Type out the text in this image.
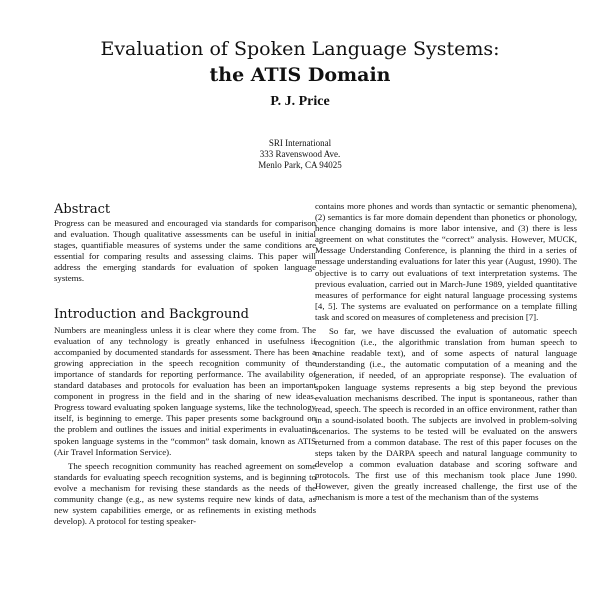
Evaluation of Spoken Language Systems:
the ATIS Domain
P. J. Price
SRI International
333 Ravenswood Ave.
Menlo Park, CA 94025
Abstract

Progress can be measured and encouraged via standards for comparison and evaluation. Though qualitative assessments can be useful in initial stages, quantifiable measures of systems under the same conditions are essential for comparing results and assessing claims. This paper will address the emerging standards for evaluation of spoken language systems.

Introduction and Background

Numbers are meaningless unless it is clear where they come from. The evaluation of any technology is greatly enhanced in usefulness if accompanied by documented standards for assessment. There has been a growing appreciation in the speech recognition community of the importance of standards for reporting performance. The availability of standard databases and protocols for evaluation has been an important component in progress in the field and in the sharing of new ideas. Progress toward evaluating spoken language systems, like the technology itself, is beginning to emerge. This paper presents some background on the problem and outlines the issues and initial experiments in evaluating spoken language systems in the “common” task domain, known as ATIS (Air Travel Information Service).

The speech recognition community has reached agreement on some standards for evaluating speech recognition systems, and is beginning to evolve a mechanism for revising these standards as the needs of the community change (e.g., as new systems require new kinds of data, as new system capabilities emerge, or as refinements in existing methods develop). A protocol for testing speaker-

contains more phones and words than syntactic or semantic phenomena), (2) semantics is far more domain dependent than phonetics or phonology, hence changing domains is more labor intensive, and (3) there is less agreement on what constitutes the “correct” analysis. However, MUCK, Message Understanding Conference, is planning the third in a series of message understanding evaluations for later this year (August, 1990). The objective is to carry out evaluations of text interpretation systems. The previous evaluation, carried out in March-June 1989, yielded quantitative measures of performance for eight natural language processing systems [4, 5]. The systems are evaluated on performance on a template filling task and scored on measures of completeness and precision [7].

So far, we have discussed the evaluation of automatic speech recognition (i.e., the algorithmic translation from human speech to machine readable text), and of some aspects of natural language understanding (i.e., the automatic computation of a meaning and the generation, if needed, of an appropriate response). The evaluation of spoken language systems represents a big step beyond the previous evaluation mechanisms described. The input is spontaneous, rather than read, speech. The speech is recorded in an office environment, rather than in a sound-isolated booth. The subjects are involved in problem-solving scenarios. The systems to be tested will be evaluated on the answers returned from a common database. The rest of this paper focuses on the steps taken by the DARPA speech and natural language community to develop a common evaluation database and scoring software and protocols. The first use of this mechanism took place June 1990. However, given the greatly increased challenge, the first use of the mechanism is more a test of the mechanism than of the systems
